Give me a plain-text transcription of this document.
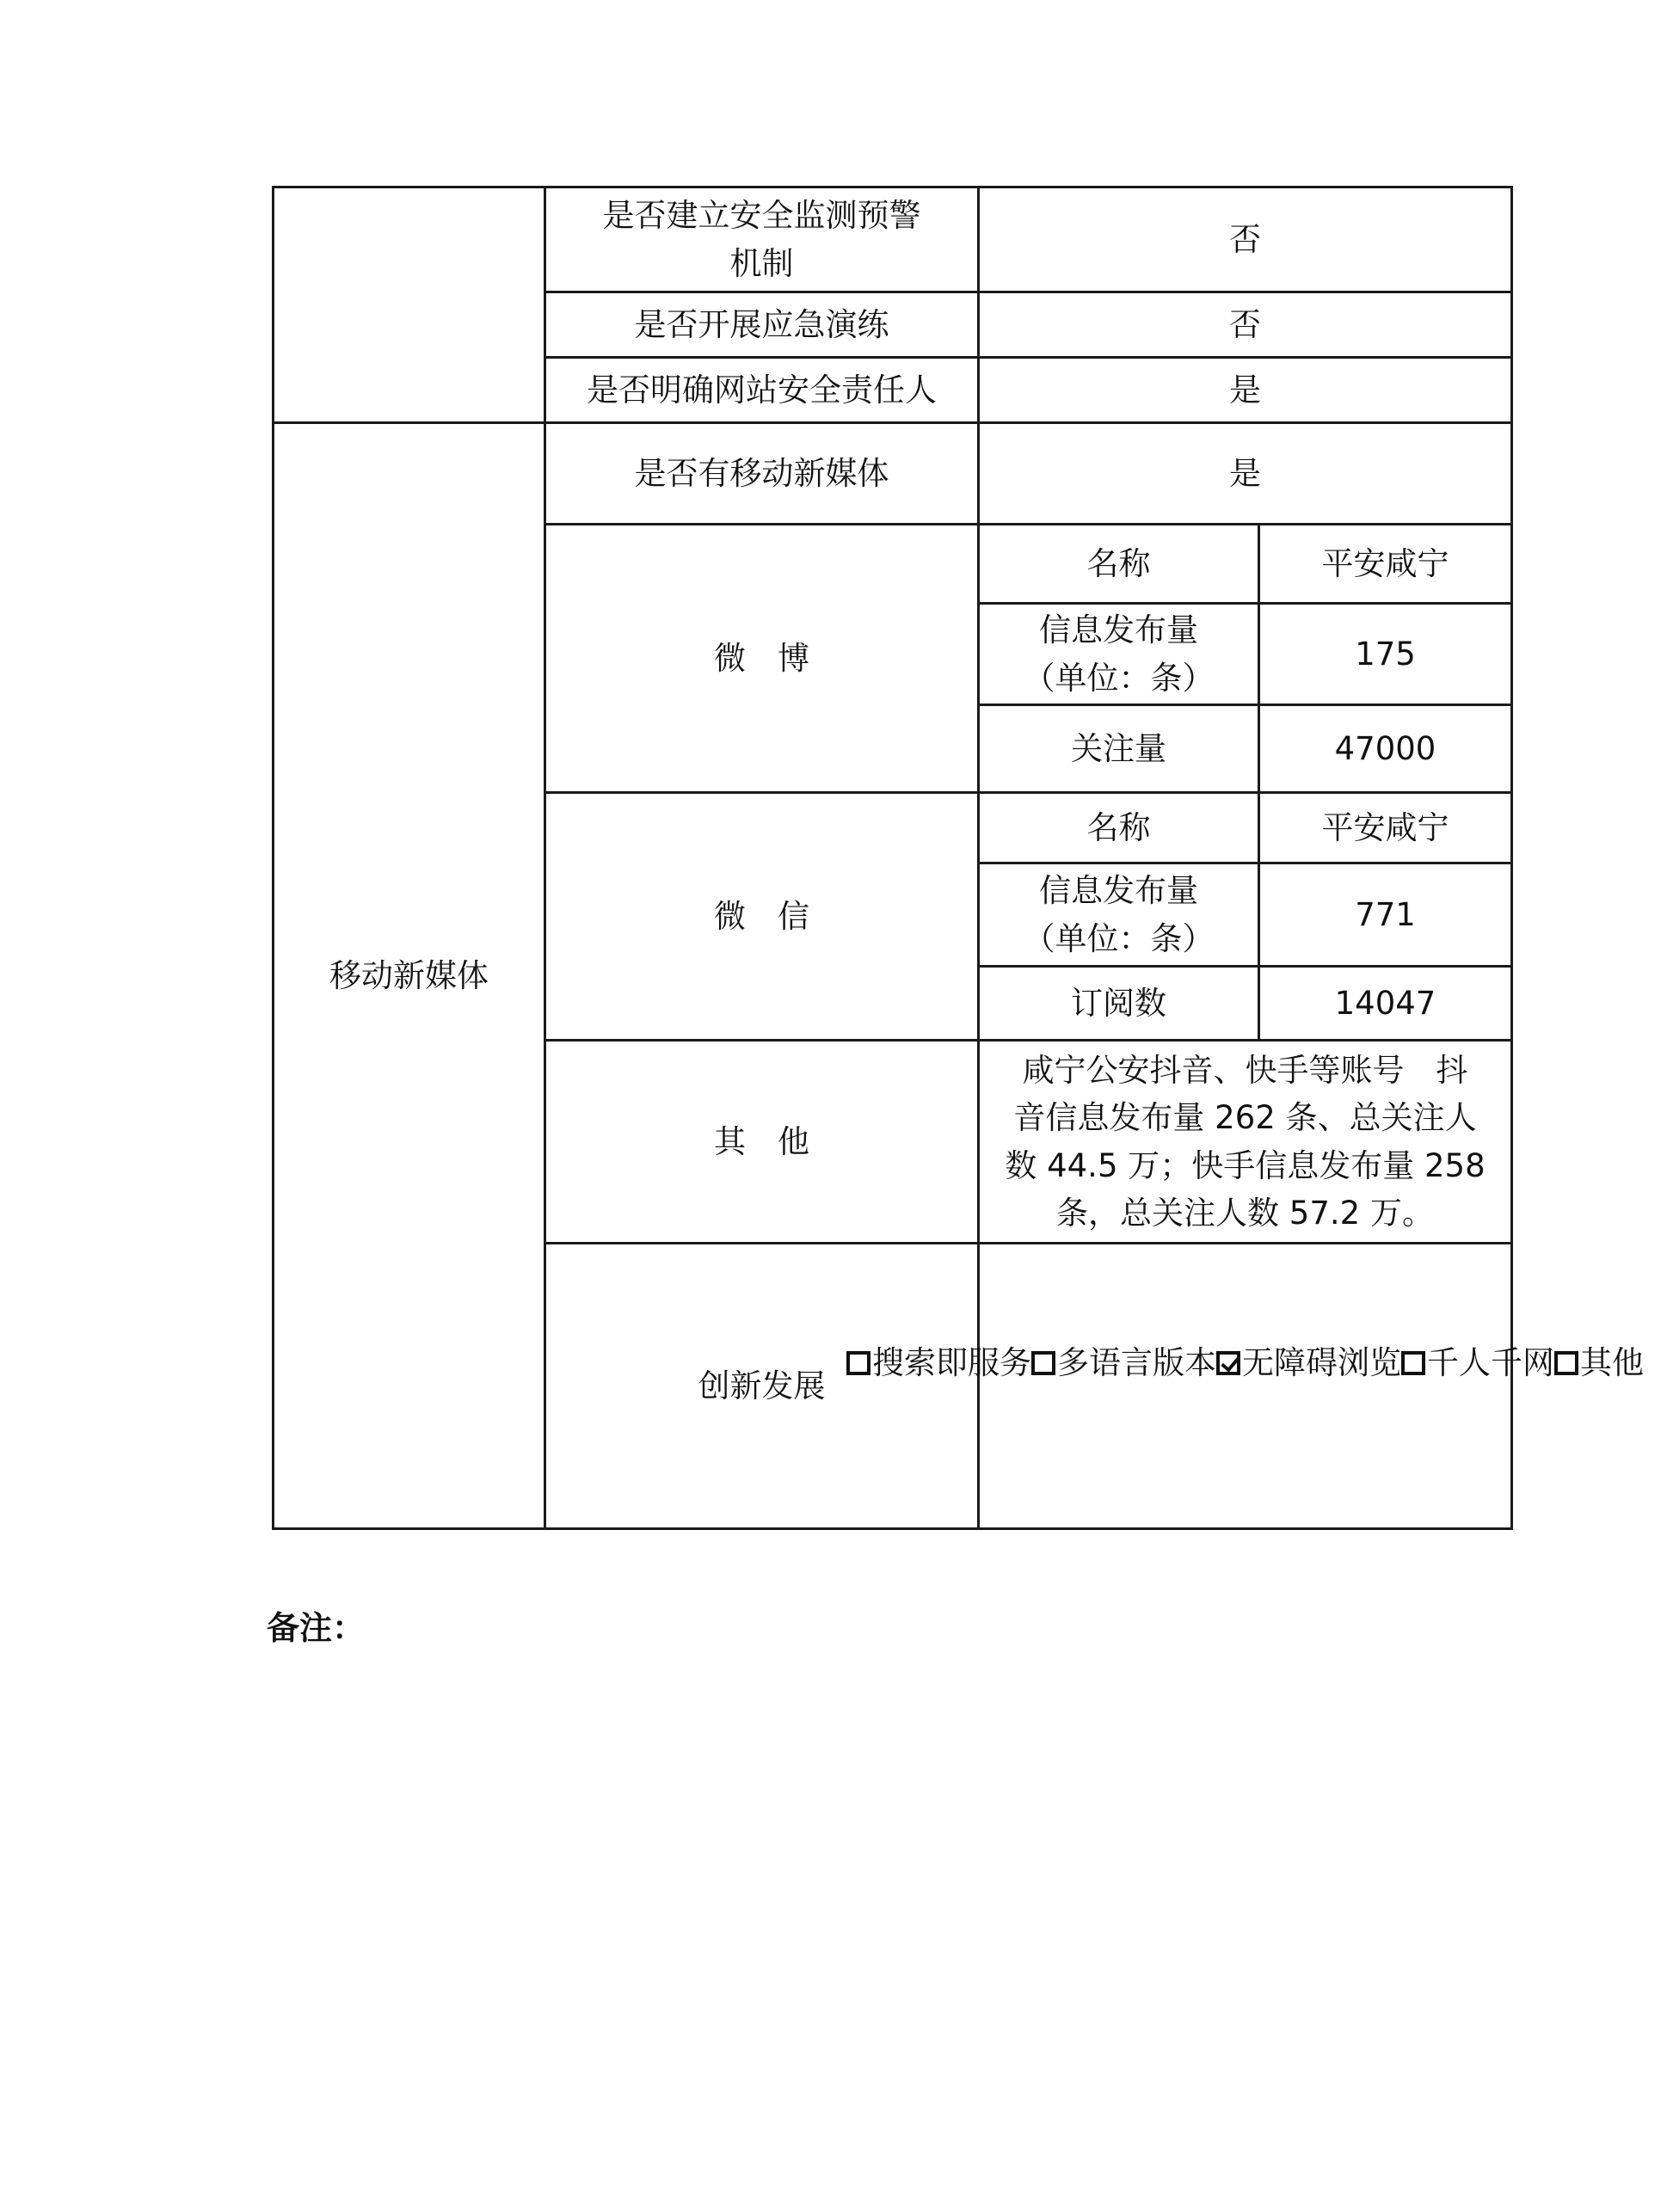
	是否建立安全监测预警
机制	否	
	是否开展应急演练	否	
	是否明确网站安全责任人	是	
移动新媒体	是否有移动新媒体	是	
	微　博	名称	平安咸宁

		信息发布量
（单位：条）	175
		关注量	47000
	微　信	名称	平安咸宁

		信息发布量
（单位：条）	771
		订阅数	14047
	其　他	咸宁公安抖音、快手等账号　抖
音信息发布量 262 条、总关注人
数 44.5 万；快手信息发布量 258
条，总关注人数 57.2 万。	

	创新发展	搜索即服务 多语言版本 无障碍浏览 千人千网 其他	
备注：
